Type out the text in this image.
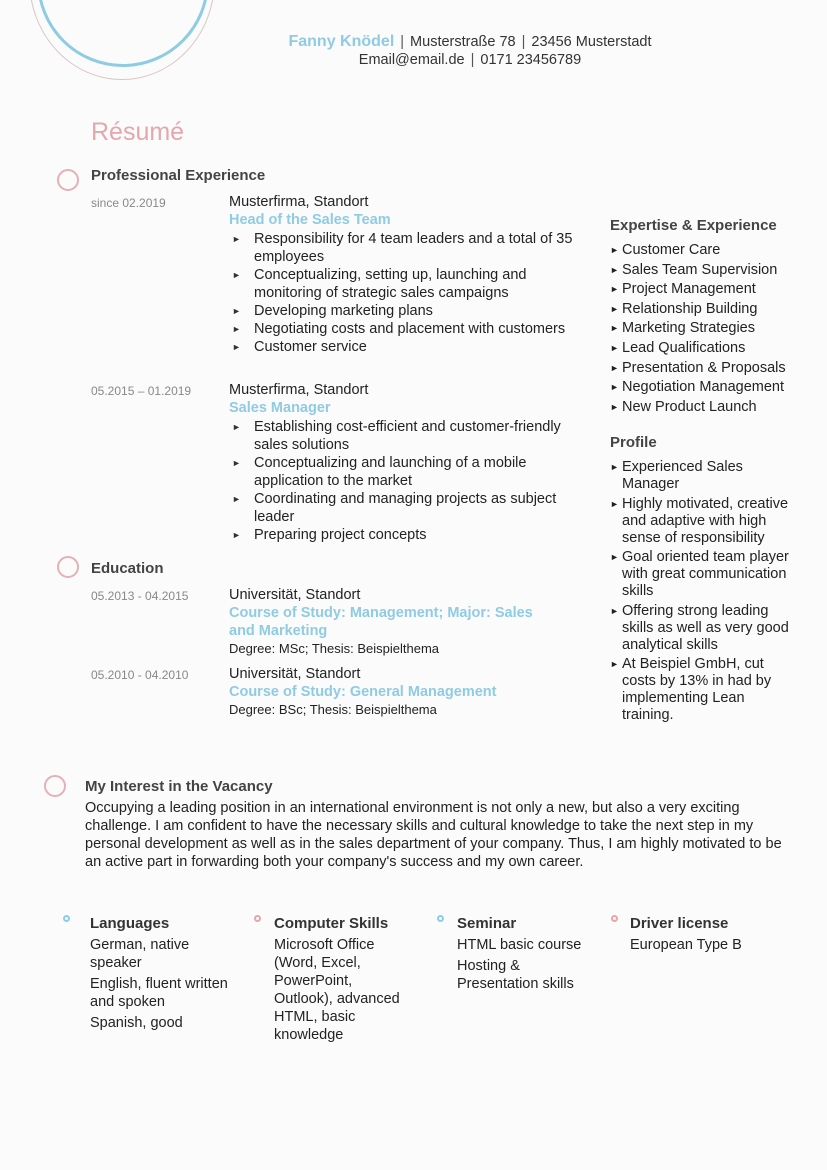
Fanny Knödel | Musterstraße 78 | 23456 Musterstadt
Email@email.de | 0171 23456789
Résumé
Professional Experience
since 02.2019	Musterfirma, Standort
Head of the Sales Team
► Responsibility for 4 team leaders and a total of 35 employees
► Conceptualizing, setting up, launching and monitoring of strategic sales campaigns
► Developing marketing plans
► Negotiating costs and placement with customers
► Customer service
05.2015 – 01.2019	Musterfirma, Standort
Sales Manager
► Establishing cost-efficient and customer-friendly sales solutions
► Conceptualizing and launching of a mobile application to the market
► Coordinating and managing projects as subject leader
► Preparing project concepts
Education
05.2013 - 04.2015	Universität, Standort
Course of Study: Management; Major: Sales and Marketing
Degree: MSc; Thesis: Beispielthema
05.2010 - 04.2010	Universität, Standort
Course of Study: General Management
Degree: BSc; Thesis: Beispielthema
Expertise & Experience
► Customer Care
► Sales Team Supervision
► Project Management
► Relationship Building
► Marketing Strategies
► Lead Qualifications
► Presentation & Proposals
► Negotiation Management
► New Product Launch
Profile
► Experienced Sales Manager
► Highly motivated, creative and adaptive with high sense of responsibility
► Goal oriented team player with great communication skills
► Offering strong leading skills as well as very good analytical skills
► At Beispiel GmbH, cut costs by 13% in had by implementing Lean training.
My Interest in the Vacancy
Occupying a leading position in an international environment is not only a new, but also a very exciting challenge. I am confident to have the necessary skills and cultural knowledge to take the next step in my personal development as well as in the sales department of your company. Thus, I am highly motivated to be an active part in forwarding both your company's success and my own career.
Languages
German, native speaker
English, fluent written and spoken
Spanish, good
Computer Skills
Microsoft Office (Word, Excel, PowerPoint, Outlook), advanced
HTML, basic knowledge
Seminar
HTML basic course
Hosting & Presentation skills
Driver license
European Type B
